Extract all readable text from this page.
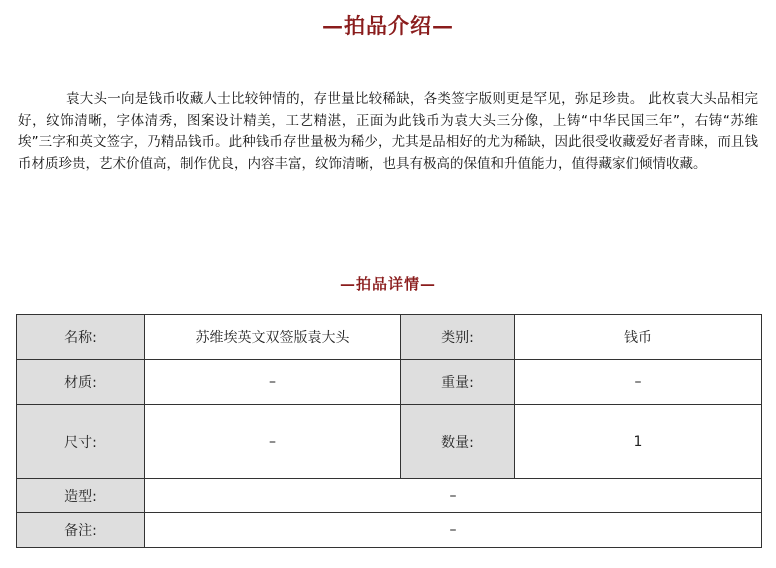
—拍品介绍—

袁大头一向是钱币收藏人士比较钟情的，存世量比较稀缺，各类签字版则更是罕见，弥足珍贵。 此枚袁大头品相完好，纹饰清晰，字体清秀，图案设计精美，工艺精湛，正面为此钱币为袁大头三分像，上铸“中华民国三年”，右铸“苏维埃”三字和英文签字，乃精品钱币。此种钱币存世量极为稀少，尤其是品相好的尤为稀缺，因此很受收藏爱好者青睐，而且钱币材质珍贵，艺术价值高，制作优良，内容丰富，纹饰清晰，也具有极高的保值和升值能力，值得藏家们倾情收藏。

—拍品详情—
名称:	苏维埃英文双签版袁大头	类别:	钱币
材质:	–	重量:	–
尺寸:	–	数量:	1
造型:	–		
备注:	–		
